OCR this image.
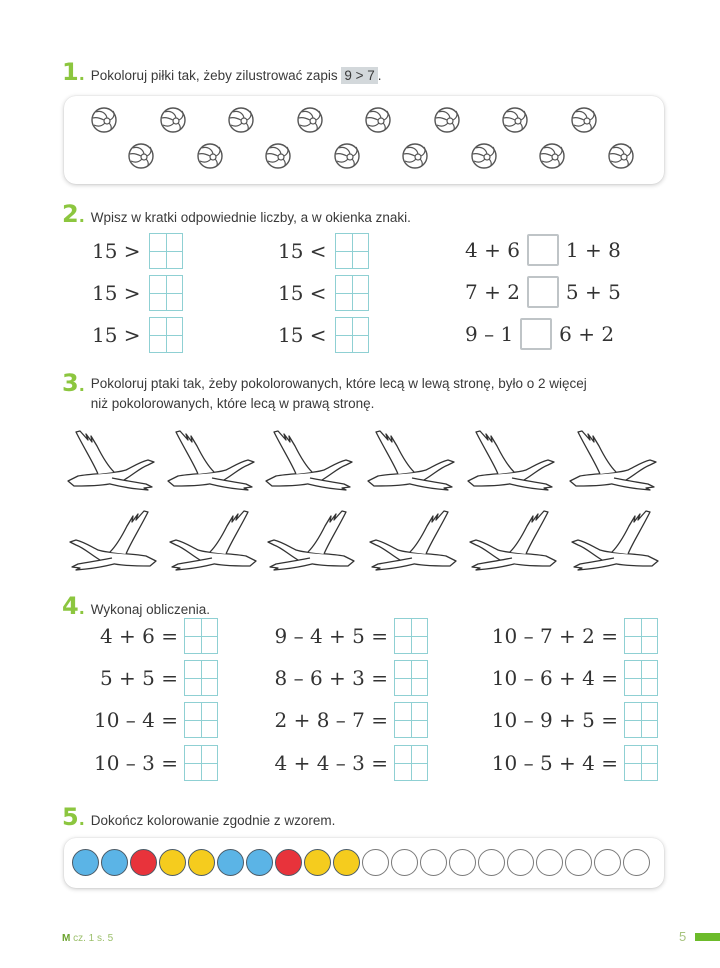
1. Pokoloruj piłki tak, żeby zilustrować zapis 9 > 7 .
2. Wpisz w kratki odpowiednie liczby, a w okienka znaki.
15 >
15 >
15 >
15 <
15 <
15 <
4 + 6 1 + 8
7 + 2 5 + 5
9 – 1 6 + 2
3. Pokoloruj ptaki tak, żeby pokolorowanych, które lecą w lewą stronę, było o 2 więcej
niż pokolorowanych, które lecą w prawą stronę.
4. Wykonaj obliczenia.
4 + 6 =
5 + 5 =
10 – 4 =
10 – 3 =
9 – 4 + 5 =
8 – 6 + 3 =
2 + 8 – 7 =
4 + 4 – 3 =
10 – 7 + 2 =
10 – 6 + 4 =
10 – 9 + 5 =
10 – 5 + 4 =
5. Dokończ kolorowanie zgodnie z wzorem.
M cz. 1 s. 5	5
